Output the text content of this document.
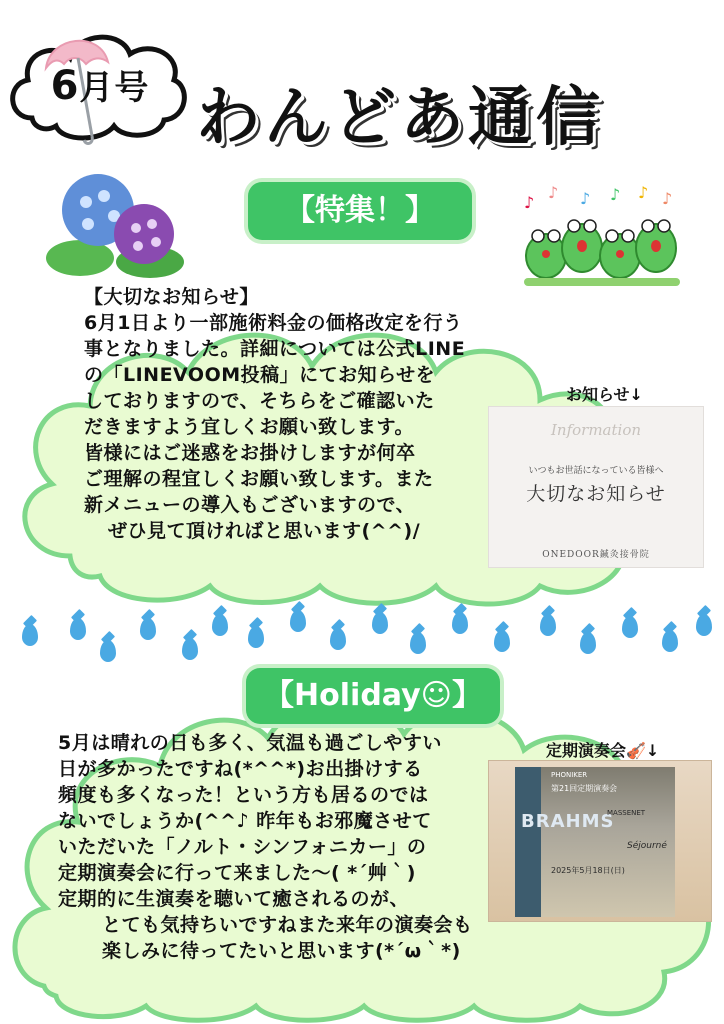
6月号 わんどあ通信
【特集！】	♪
♪ ♪ ♪ ♪ ♪
【大切なお知らせ】
6月1日より一部施術料金の価格改定を行う
事となりました。詳細については公式LINE
の「LINEVOOM投稿」にてお知らせを
しておりますので、そちらをご確認いた
だきますよう宜しくお願い致します。
皆様にはご迷惑をお掛けしますが何卒
ご理解の程宜しくお願い致します。また
新メニューの導入もございますので、
ぜひ見て頂ければと思います(^^)/
お知らせ↓
Information
いつもお世話になっている皆様へ
大切なお知らせ
ONEDOOR鍼灸接骨院
【Holiday☺】
5月は晴れの日も多く、気温も過ごしやすい
日が多かったですね(*^^*)お出掛けする
頻度も多くなった！という方も居るのでは
ないでしょうか(^^♪ 昨年もお邪魔させて
いただいた「ノルト・シンフォニカー」の
定期演奏会に行って来ました〜( *´艸｀)
定期的に生演奏を聴いて癒されるのが、
とても気持ちいですねまた来年の演奏会も
楽しみに待ってたいと思います(*´ω｀*)
定期演奏会🎻↓
PHONIKER
第21回定期演奏会
BRAHMS
MASSENET
Séjourné
2025年5月18日(日)
